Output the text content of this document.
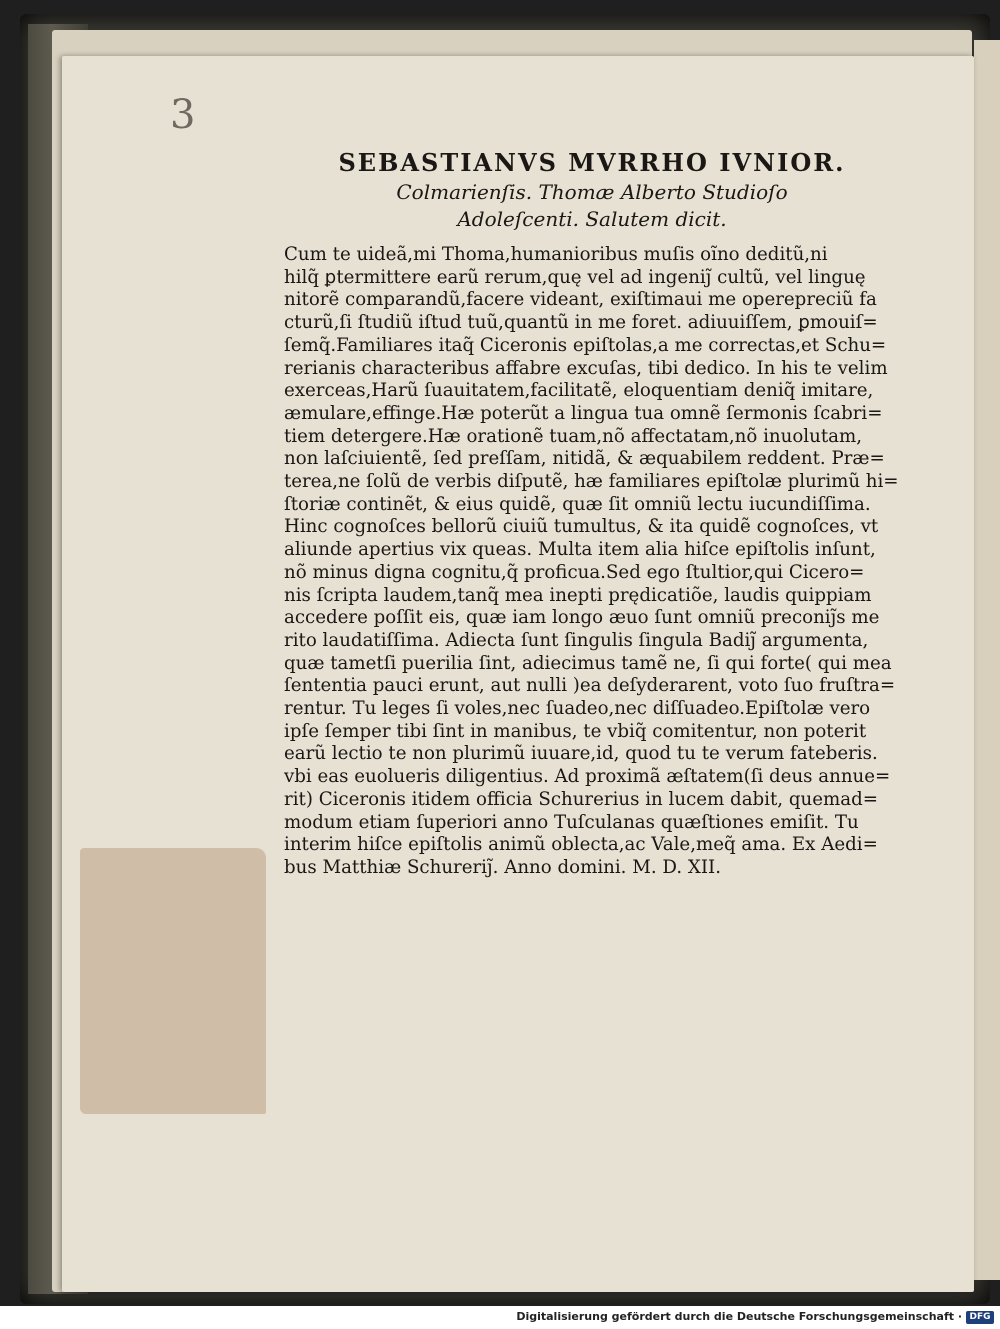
3
SEBASTIANVS MVRRHO IVNIOR.
Colmarienſis. Thomæ Alberto Studioſo
Adoleſcenti. Salutem dicit.
Cum te uideã,mi Thoma,humanioribus muſis oĩno deditũ,ni
hilq̃ ꝑtermittere earũ rerum,quę vel ad ingeniȷ̃ cultũ, vel linguę
nitorẽ comparandũ,facere videant, exiſtimaui me operepreciũ fa
cturũ,ſi ſtudiũ iſtud tuũ,quantũ in me foret. adiuuiſſem, ꝑmouiſ=
ſemq̃.Familiares itaq̃ Ciceronis epiſtolas,a me correctas,et Schu=
rerianis characteribus affabre excuſas, tibi dedico. In his te velim
exerceas,Harũ ſuauitatem,facilitatẽ, eloquentiam deniq̃ imitare,
æmulare,effinge.Hæ poterũt a lingua tua omnẽ ſermonis ſcabri=
tiem detergere.Hæ orationẽ tuam,nõ affectatam,nõ inuolutam,
non laſciuientẽ, ſed preſſam, nitidã, & æquabilem reddent. Præ=
terea,ne ſolũ de verbis diſputẽ, hæ familiares epiſtolæ plurimũ hi=
ſtoriæ continẽt, & eius quidẽ, quæ ſit omniũ lectu iucundiſſima.
Hinc cognoſces bellorũ ciuiũ tumultus, & ita quidẽ cognoſces, vt
aliunde apertius vix queas. Multa item alia hiſce epiſtolis inſunt,
nõ minus digna cognitu,q̃ proficua.Sed ego ſtultior,qui Cicero=
nis ſcripta laudem,tanq̃ mea inepti prędicatiõe, laudis quippiam
accedere poſſit eis, quæ iam longo æuo ſunt omniũ preconiȷ̃s me
rito laudatiſſima. Adiecta ſunt ſingulis ſingula Badiȷ̃ argumenta,
quæ tametſi puerilia ſint, adiecimus tamẽ ne, ſi qui forte( qui mea
ſententia pauci erunt, aut nulli )ea deſyderarent, voto ſuo fruſtra=
rentur. Tu leges ſi voles,nec ſuadeo,nec diſſuadeo.Epiſtolæ vero
ipſe ſemper tibi ſint in manibus, te vbiq̃ comitentur, non poterit
earũ lectio te non plurimũ iuuare,id, quod tu te verum fateberis.
vbi eas euolueris diligentius. Ad proximã æſtatem(ſi deus annue=
rit) Ciceronis itidem officia Schurerius in lucem dabit, quemad=
modum etiam ſuperiori anno Tuſculanas quæſtiones emiſit. Tu
interim hiſce epiſtolis animũ oblecta,ac Vale,meq̃ ama. Ex Aedi=
bus Matthiæ Schureriȷ̃. Anno domini. M. D. XII.
Digitalisierung gefördert durch die Deutsche Forschungsgemeinschaft · DFG
